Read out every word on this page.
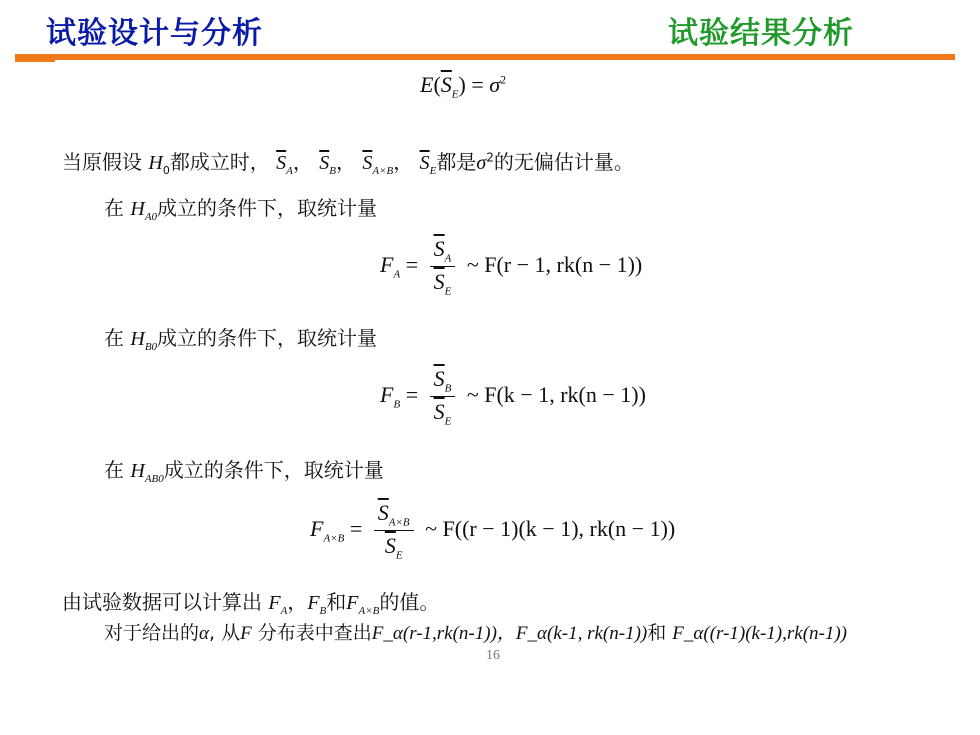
试验设计与分析	试验结果分析
$E(\overline{S}_E) = \sigma^2$
当原假设 $H_0$都成立时， $\overline{S}_A$， $\overline{S}_B$， $\overline{S}_{A\times B}$， $\overline{S}_E$都是$\sigma^2$的无偏估计量。
在 $H_{A0}$成立的条件下，取统计量
$F_A = \frac{\overline{S}_A}{\overline{S}_E}$ ~ F(r − 1, rk(n − 1))
在 $H_{B0}$成立的条件下，取统计量
$F_B = \frac{\overline{S}_B}{\overline{S}_E}$ ~ F(k − 1, rk(n − 1))
在 $H_{AB0}$成立的条件下，取统计量
$F_{A\times B} = \frac{\overline{S}_{A\times B}}{\overline{S}_E}$ ~ F((r − 1)(k − 1), rk(n − 1))
由试验数据可以计算出 $F_A$，$F_B$和$F_{A\times B}$的值。
对于给出的α, 从F 分布表中查出F_α(r-1,rk(n-1))，F_α(k-1, rk(n-1))和 F_α((r-1)(k-1),rk(n-1))
16
